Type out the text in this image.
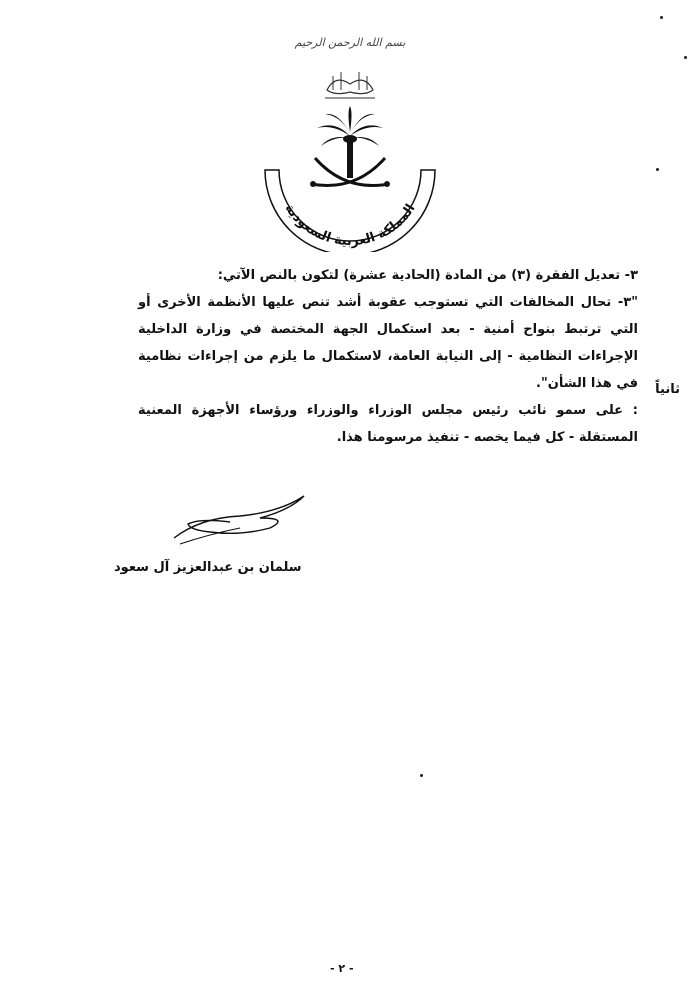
بسم الله الرحمن الرحيم
المملكة العربية السعودية

٣- تعديل الفقرة (٣) من المادة (الحادية عشرة) لتكون بالنص الآتي:

"٣- تحال المخالفات التي تستوجب عقوبة أشد تنص عليها الأنظمة الأخرى أو التي ترتبط بنواح أمنية - بعد استكمال الجهة المختصة في وزارة الداخلية الإجراءات النظامية - إلى النيابة العامة، لاستكمال ما يلزم من إجراءات نظامية في هذا الشأن".

: على سمو نائب رئيس مجلس الوزراء والوزراء ورؤساء الأجهزة المعنية المستقلة - كل فيما يخصه - تنفيذ مرسومنا هذا.

ثانياً
سلمان بن عبدالعزيز آل سعود
- ٢ -
